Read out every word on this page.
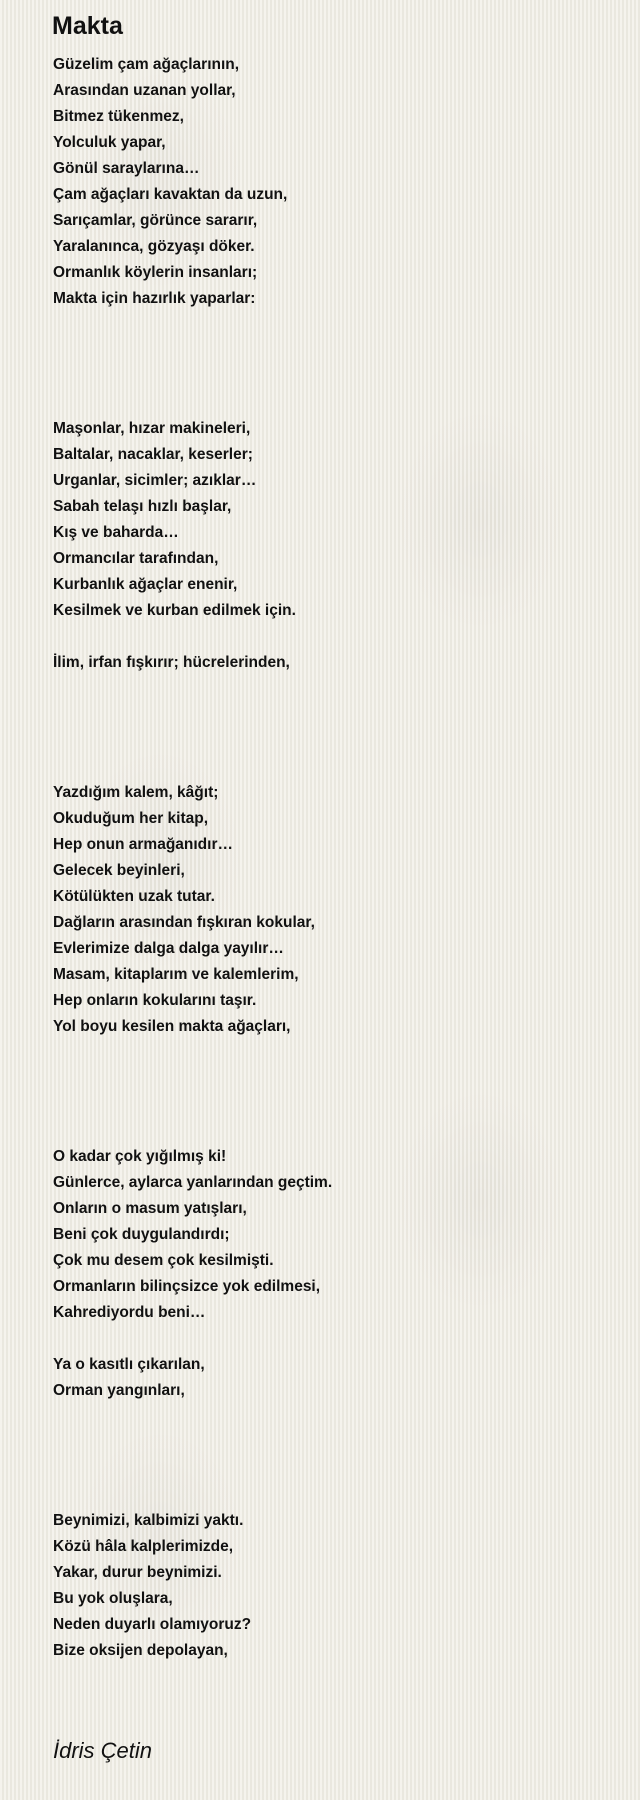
Makta
Güzelim çam ağaçlarının,
Arasından uzanan yollar,
Bitmez tükenmez,
Yolculuk yapar,
Gönül saraylarına…
Çam ağaçları kavaktan da uzun,
Sarıçamlar, görünce sararır,
Yaralanınca, gözyaşı döker.
Ormanlık köylerin insanları;
Makta için hazırlık yaparlar:
Maşonlar, hızar makineleri,
Baltalar, nacaklar, keserler;
Urganlar, sicimler; azıklar…
Sabah telaşı hızlı başlar,
Kış ve baharda…
Ormancılar tarafından,
Kurbanlık ağaçlar enenir,
Kesilmek ve kurban edilmek için.
İlim, irfan fışkırır; hücrelerinden,
Yazdığım kalem, kâğıt;
Okuduğum her kitap,
Hep onun armağanıdır…
Gelecek beyinleri,
Kötülükten uzak tutar.
Dağların arasından fışkıran kokular,
Evlerimize dalga dalga yayılır…
Masam, kitaplarım ve kalemlerim,
Hep onların kokularını taşır.
Yol boyu kesilen makta ağaçları,
O kadar çok yığılmış ki!
Günlerce, aylarca yanlarından geçtim.
Onların o masum yatışları,
Beni çok duygulandırdı;
Çok mu desem çok kesilmişti.
Ormanların bilinçsizce yok edilmesi,
Kahrediyordu beni…
Ya o kasıtlı çıkarılan,
Orman yangınları,
Beynimizi, kalbimizi yaktı.
Közü hâla kalplerimizde,
Yakar, durur beynimizi.
Bu yok oluşlara,
Neden duyarlı olamıyoruz?
Bize oksijen depolayan,
İdris Çetin
